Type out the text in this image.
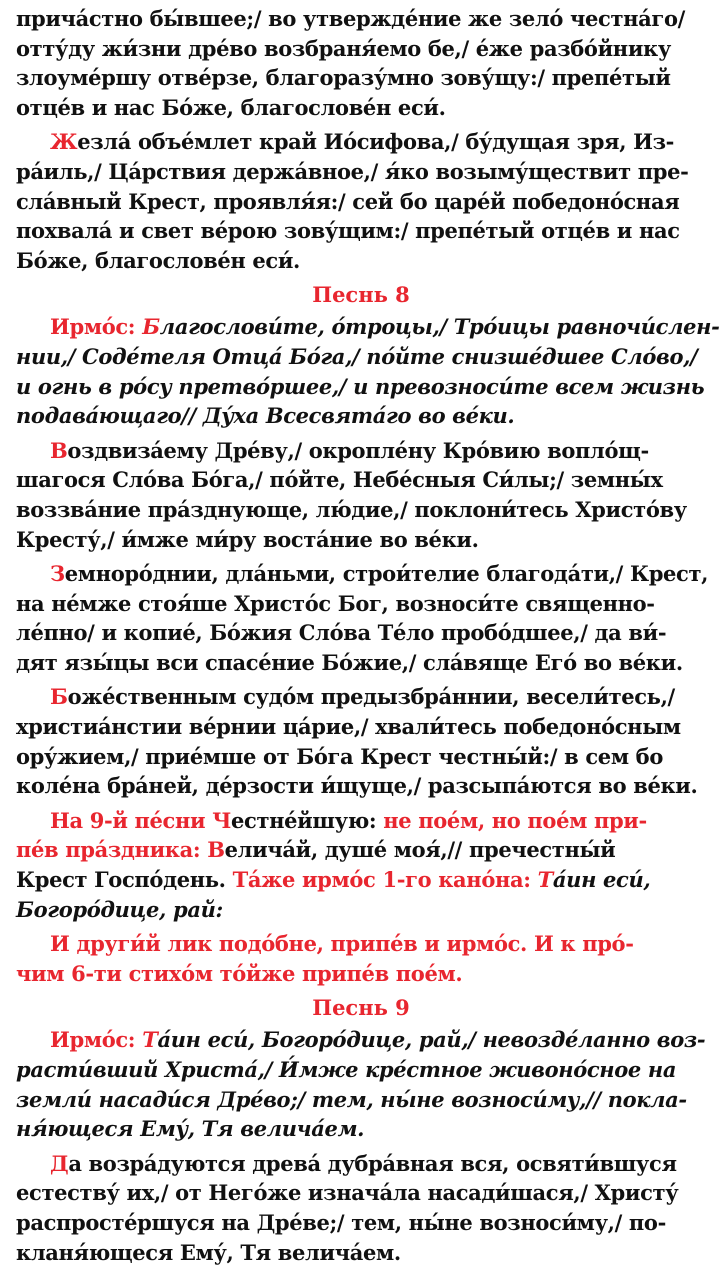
прича́стно бы́вшее;/ во утвержде́ние же зело́ честна́го/
отту́ду жи́зни дре́во возбраня́емо бе,/ е́же разбо́йнику
злоуме́ршу отве́рзе, благоразу́мно зову́щу:/ препе́тый
отце́в и нас Бо́же, благослове́н еси́.
Жезла́ объе́млет край Ио́сифова,/ бу́дущая зря, Из-
ра́иль,/ Ца́рствия держа́вное,/ я́ко возыму́ществит пре-
сла́вный Крест, проявля́я:/ сей бо царе́й победоно́сная
похвала́ и свет ве́рою зову́щим:/ препе́тый отце́в и нас
Бо́же, благослове́н еси́.
Песнь 8
Ирмо́с: Благослови́те, о́троцы,/ Тро́ицы равночи́слен-
нии,/ Соде́теля Отца́ Бо́га,/ по́йте снизше́дшее Сло́во,/
и огнь в ро́су претво́ршее,/ и превозноси́те всем жизнь
подава́ющаго// Ду́ха Всесвята́го во ве́ки.
Воздвиза́ему Дре́ву,/ окропле́ну Кро́вию вопло́щ-
шагося Сло́ва Бо́га,/ по́йте, Небе́сныя Си́лы;/ земны́х
воззва́ние пра́зднующе, лю́дие,/ поклони́тесь Христо́ву
Кресту́,/ и́мже ми́ру воста́ние во ве́ки.
Земноро́днии, дла́ньми, строи́телие благода́ти,/ Крест,
на не́мже стоя́ше Христо́с Бог, возноси́те священно-
ле́пно/ и копие́, Бо́жия Сло́ва Те́ло пробо́дшее,/ да ви́-
дят язы́цы вси спасе́ние Бо́жие,/ сла́вяще Его́ во ве́ки.
Боже́ственным судо́м предызбра́ннии, весели́тесь,/
христиа́нстии ве́рнии ца́рие,/ хвали́тесь победоно́сным
ору́жием,/ прие́мше от Бо́га Крест честны́й:/ в сем бо
коле́на бра́ней, де́рзости и́щуще,/ разсыпа́ются во ве́ки.
На 9-й пе́сни Честне́йшую: не пое́м, но пое́м при-
пе́в пра́здника: Велича́й, душе́ моя́,// пречестны́й
Крест Госпо́день. Та́же ирмо́с 1-го кано́на: Та́ин еси́,
Богоро́дице, рай:
И други́й лик подо́бне, припе́в и ирмо́с. И к про́-
чим 6-ти стихо́м то́йже припе́в пое́м.
Песнь 9
Ирмо́с: Та́ин еси́, Богоро́дице, рай,/ невозде́ланно воз-
расти́вший Христа́,/ И́мже кре́стное живоно́сное на
земли́ насади́ся Дре́во;/ тем, ны́не возноси́му,// покла-
ня́ющеся Ему́, Тя велича́ем.
Да возра́дуются древа́ дубра́вная вся, освяти́вшуся
естеству́ их,/ от Него́же изнача́ла насади́шася,/ Христу́
распросте́ршуся на Дре́ве;/ тем, ны́не возноси́му,/ по-
кланя́ющеся Ему́, Тя велича́ем.
